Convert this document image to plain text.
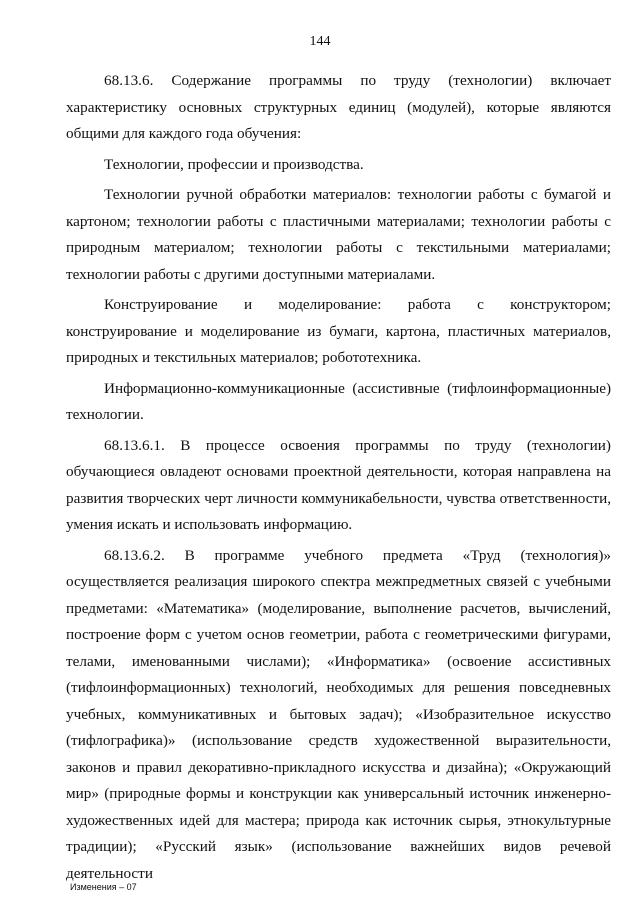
144

68.13.6. Содержание программы по труду (технологии) включает характеристику основных структурных единиц (модулей), которые являются общими для каждого года обучения:

Технологии, профессии и производства.

Технологии ручной обработки материалов: технологии работы с бумагой и картоном; технологии работы с пластичными материалами; технологии работы с природным материалом; технологии работы с текстильными материалами; технологии работы с другими доступными материалами.

Конструирование и моделирование: работа с конструктором; конструирование и моделирование из бумаги, картона, пластичных материалов, природных и текстильных материалов; робототехника.

Информационно-коммуникационные (ассистивные (тифлоинформационные) технологии.

68.13.6.1. В процессе освоения программы по труду (технологии) обучающиеся овладеют основами проектной деятельности, которая направлена на развития творческих черт личности коммуникабельности, чувства ответственности, умения искать и использовать информацию.

68.13.6.2. В программе учебного предмета «Труд (технология)» осуществляется реализация широкого спектра межпредметных связей с учебными предметами: «Математика» (моделирование, выполнение расчетов, вычислений, построение форм с учетом основ геометрии, работа с геометрическими фигурами, телами, именованными числами); «Информатика» (освоение ассистивных (тифлоинформационных) технологий, необходимых для решения повседневных учебных, коммуникативных и бытовых задач); «Изобразительное искусство (тифлографика)» (использование средств художественной выразительности, законов и правил декоративно-прикладного искусства и дизайна); «Окружающий мир» (природные формы и конструкции как универсальный источник инженерно-художественных идей для мастера; природа как источник сырья, этнокультурные традиции); «Русский язык» (использование важнейших видов речевой деятельности

Изменения – 07
